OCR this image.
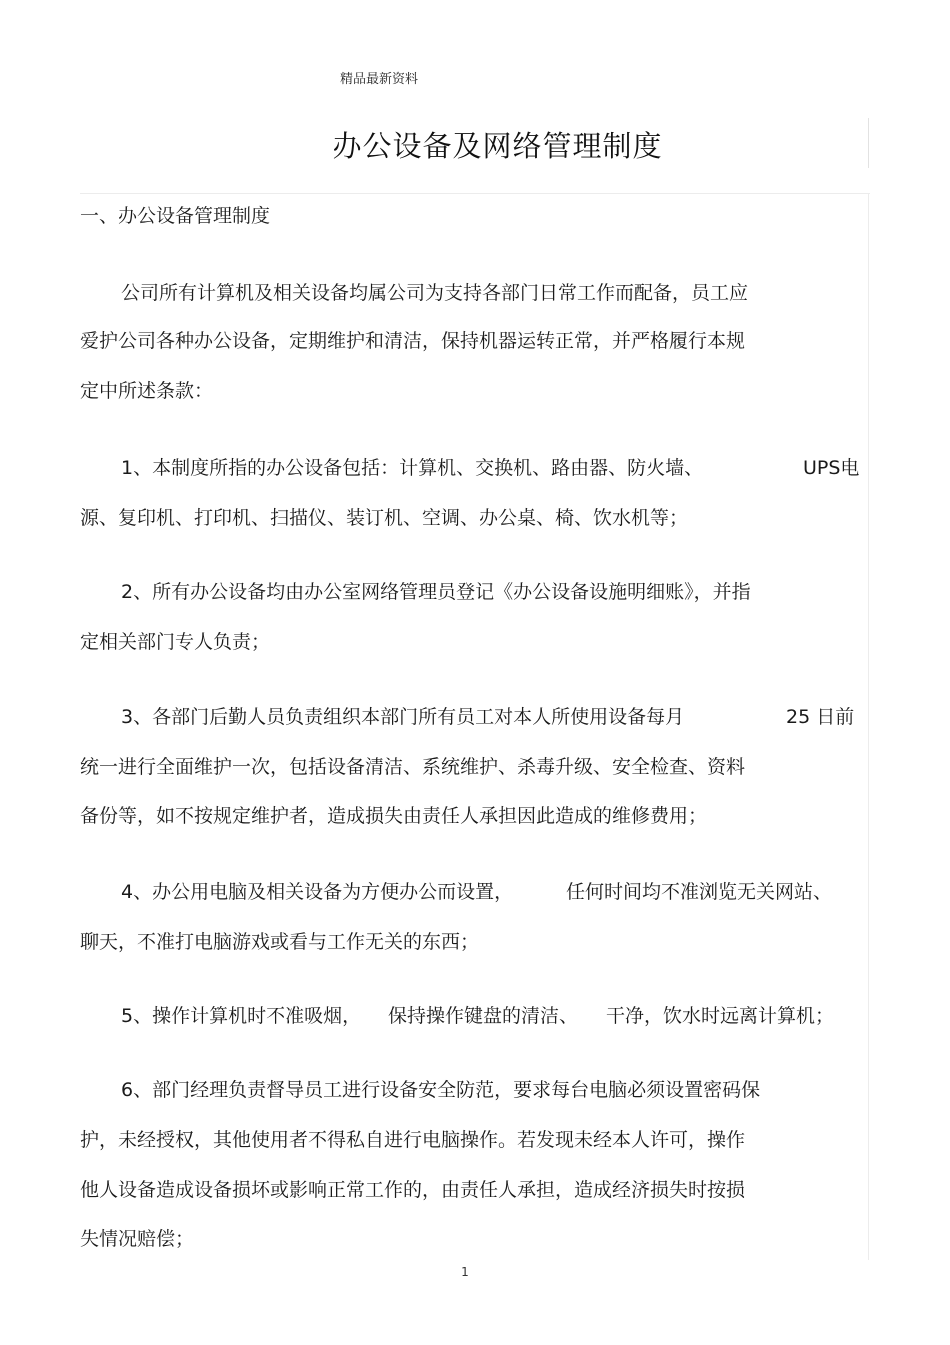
精品最新资料
办公设备及网络管理制度
一、办公设备管理制度
公司所有计算机及相关设备均属公司为支持各部门日常工作而配备，员工应
爱护公司各种办公设备，定期维护和清洁，保持机器运转正常，并严格履行本规
定中所述条款：
1、本制度所指的办公设备包括：计算机、交换机、路由器、防火墙、	UPS电
源、复印机、打印机、扫描仪、装订机、空调、办公桌、椅、饮水机等；
2、所有办公设备均由办公室网络管理员登记《办公设备设施明细账》，并指
定相关部门专人负责；
3、各部门后勤人员负责组织本部门所有员工对本人所使用设备每月	25 日前
统一进行全面维护一次，包括设备清洁、系统维护、杀毒升级、安全检查、资料
备份等，如不按规定维护者，造成损失由责任人承担因此造成的维修费用；
4、办公用电脑及相关设备为方便办公而设置，	任何时间均不准浏览无关网站、
聊天，不准打电脑游戏或看与工作无关的东西；
5、操作计算机时不准吸烟， 保持操作键盘的清洁、 干净，饮水时远离计算机；
6、部门经理负责督导员工进行设备安全防范，要求每台电脑必须设置密码保
护，未经授权，其他使用者不得私自进行电脑操作。若发现未经本人许可，操作
他人设备造成设备损坏或影响正常工作的，由责任人承担，造成经济损失时按损
失情况赔偿；
1
